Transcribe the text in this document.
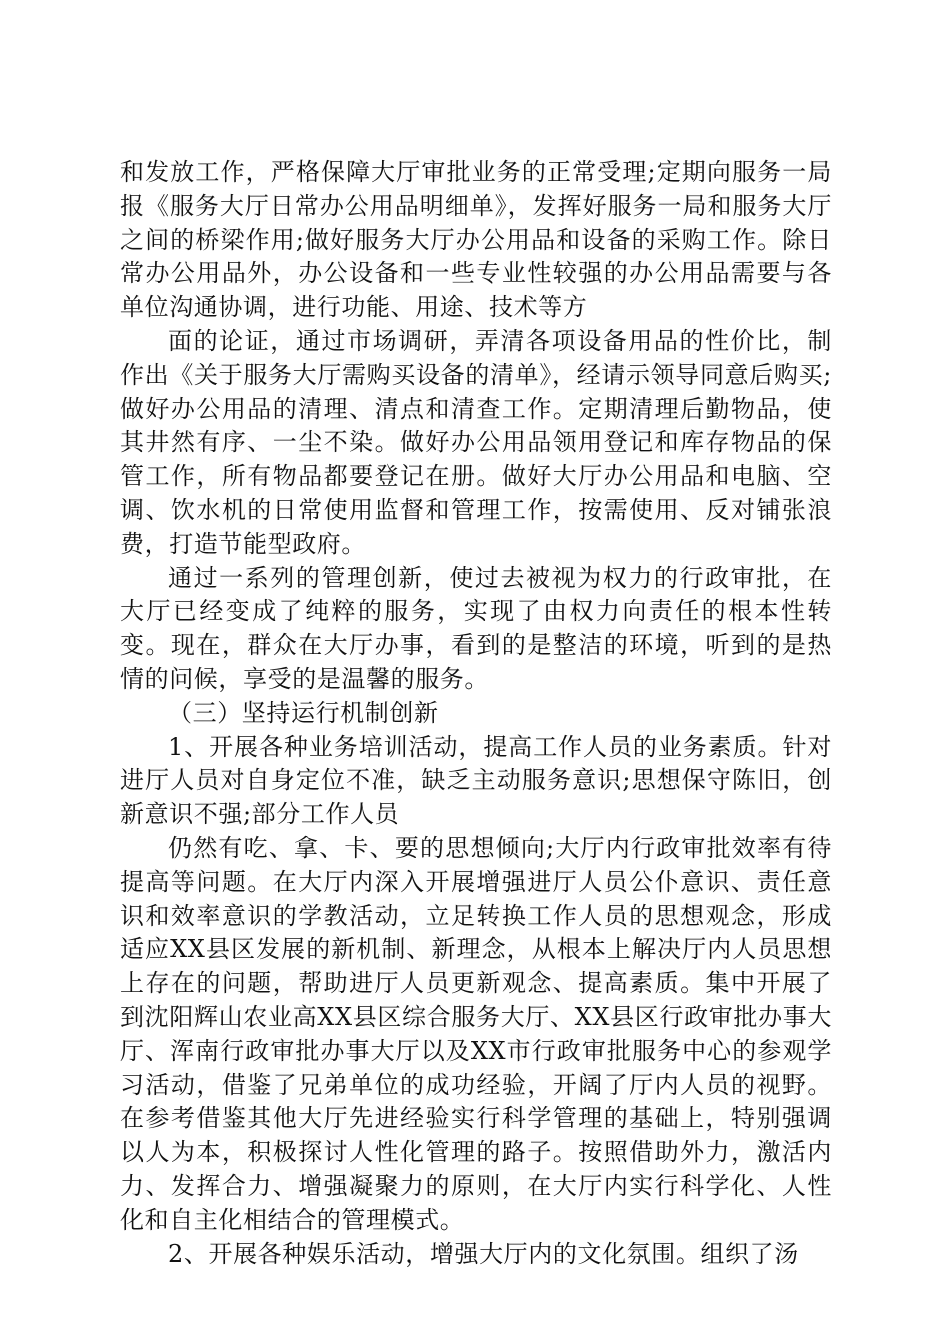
和发放工作，严格保障大厅审批业务的正常受理;定期向服务一局报《服务大厅日常办公用品明细单》，发挥好服务一局和服务大厅之间的桥梁作用;做好服务大厅办公用品和设备的采购工作。除日常办公用品外，办公设备和一些专业性较强的办公用品需要与各单位沟通协调，进行功能、用途、技术等方

面的论证，通过市场调研，弄清各项设备用品的性价比，制作出《关于服务大厅需购买设备的清单》，经请示领导同意后购买;做好办公用品的清理、清点和清查工作。定期清理后勤物品，使其井然有序、一尘不染。做好办公用品领用登记和库存物品的保管工作，所有物品都要登记在册。做好大厅办公用品和电脑、空调、饮水机的日常使用监督和管理工作，按需使用、反对铺张浪费，打造节能型政府。

通过一系列的管理创新，使过去被视为权力的行政审批，在大厅已经变成了纯粹的服务，实现了由权力向责任的根本性转变。现在，群众在大厅办事，看到的是整洁的环境，听到的是热情的问候，享受的是温馨的服务。

（三）坚持运行机制创新

1、开展各种业务培训活动，提高工作人员的业务素质。针对进厅人员对自身定位不准，缺乏主动服务意识;思想保守陈旧，创新意识不强;部分工作人员

仍然有吃、拿、卡、要的思想倾向;大厅内行政审批效率有待提高等问题。在大厅内深入开展增强进厅人员公仆意识、责任意识和效率意识的学教活动，立足转换工作人员的思想观念，形成适应XX县区发展的新机制、新理念，从根本上解决厅内人员思想上存在的问题，帮助进厅人员更新观念、提高素质。集中开展了到沈阳辉山农业高XX县区综合服务大厅、XX县区行政审批办事大厅、浑南行政审批办事大厅以及XX市行政审批服务中心的参观学习活动，借鉴了兄弟单位的成功经验，开阔了厅内人员的视野。在参考借鉴其他大厅先进经验实行科学管理的基础上，特别强调以人为本，积极探讨人性化管理的路子。按照借助外力，激活内力、发挥合力、增强凝聚力的原则，在大厅内实行科学化、人性化和自主化相结合的管理模式。

2、开展各种娱乐活动，增强大厅内的文化氛围。组织了汤
